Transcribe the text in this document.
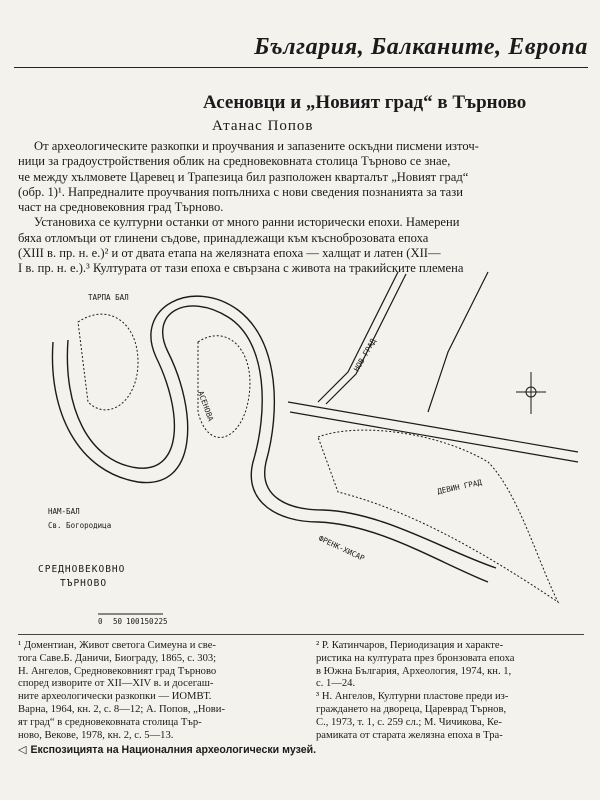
България, Балканите, Европа
Асеновци и „Новият град“ в Търново
Атанас Попов
От археологическите разкопки и проучвания и запазените оскъдни писмени източ-
ници за градоустройствения облик на средновековната столица Търново се знае,
че между хълмовете Царевец и Трапезица бил разположен кварталът „Новият град“
(обр. 1)¹. Напредналите проучвания попълниха с нови сведения познанията за тази
част на средновековния град Търново.
Установиха се културни останки от много ранни исторически епохи. Намерени
бяха отломъци от глинени съдове, принадлежащи към късноброзовата епоха
(XIII в. пр. н. е.)² и от двата етапа на желязната епоха — халщат и латен (XII—
I в. пр. н. е.).³ Културата от тази епоха е свързана с живота на тракийските племена
ТАРПА БАЛ
НОВ ГРАД
АСЕНОВА
ДЕВИН ГРАД
Св. Богородица
НАМ-БАЛ
ФРЕНК-ХИСАР
СРЕДНОВЕКОВНО
ТЪРНОВО
0 50 100 150 225
¹ Доментиан, Живот светога Симеуна и све-
тога Саве.Б. Даничи, Биограду, 1865, с. 303;
Н. Ангелов, Средновековният град Търново
според изворите от XII—XIV в. и досегаш-
ните археологически разкопки — ИОМВТ.
Варна, 1964, кн. 2, с. 8—12; А. Попов, „Нови-
ят град“ в средновековната столица Тър-
ново, Векове, 1978, кн. 2, с. 5—13.
² Р. Катинчаров, Периодизация и характе-
ристика на културата през бронзовата епоха
в Южна България, Археология, 1974, кн. 1,
с. 1—24.
³ Н. Ангелов, Културни пластове преди из-
граждането на двореца, Цареврад Търнов,
С., 1973, т. 1, с. 259 сл.; М. Чичикова, Ке-
рамиката от старата желязна епоха в Тра-
◁ Експозицията на Националния археологически музей.
